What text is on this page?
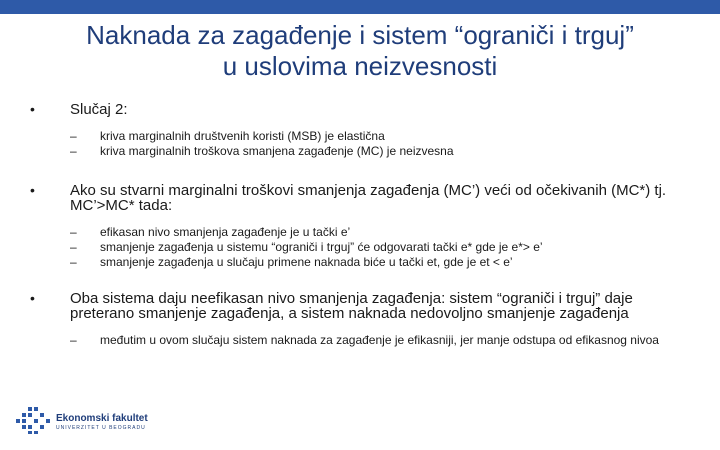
Naknada za zagađenje i sistem “ograniči i trguj”
u uslovima neizvesnosti
• Slučaj 2:
– kriva marginalnih društvenih koristi (MSB) je elastična
– kriva marginalnih troškova smanjena zagađenje (MC) je neizvesna
• Ako su stvarni marginalni troškovi smanjenja zagađenja (MC’) veći od očekivanih (MC*) tj. MC’>MC* tada:
– efikasan nivo smanjenja zagađenje je u tački e’
– smanjenje zagađenja u sistemu “ograniči i trguj” će odgovarati tački e* gde je e*> e’
– smanjenje zagađenja u slučaju primene naknada biće u tački et, gde je et < e’
• Oba sistema daju neefikasan nivo smanjenja zagađenja: sistem “ograniči i trguj” daje preterano smanjenje zagađenja, a sistem naknada nedovoljno smanjenje zagađenja
– međutim u ovom slučaju sistem naknada za zagađenje je efikasniji, jer manje odstupa od efikasnog nivoa
Ekonomski fakultet
UNIVERZITET U BEOGRADU
